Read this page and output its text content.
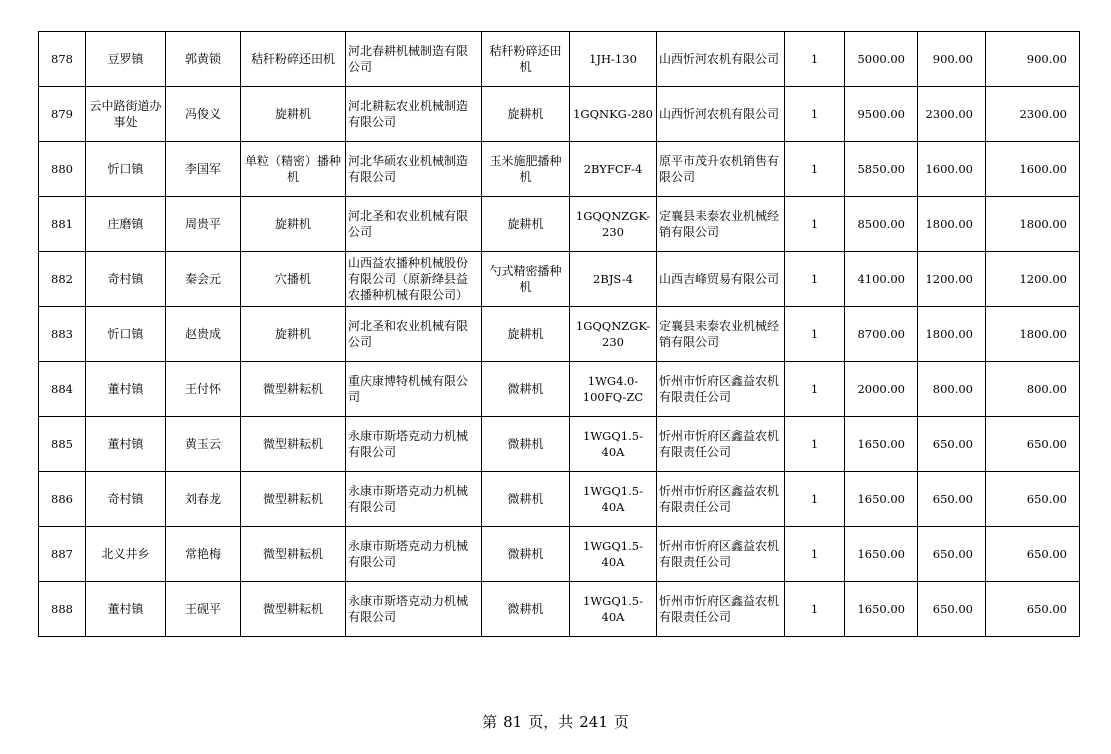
878	豆罗镇	郭黄锁	秸秆粉碎还田机	河北春耕机械制造有限公司	秸秆粉碎还田机	1JH-130	山西忻河农机有限公司	1	5000.00	900.00	900.00
879	云中路街道办事处	冯俊义	旋耕机	河北耕耘农业机械制造有限公司	旋耕机	1GQNKG-280	山西忻河农机有限公司	1	9500.00	2300.00	2300.00
880	忻口镇	李国军	单粒（精密）播种机	河北华硕农业机械制造有限公司	玉米施肥播种机	2BYFCF-4	原平市茂升农机销售有限公司	1	5850.00	1600.00	1600.00
881	庄磨镇	周贵平	旋耕机	河北圣和农业机械有限公司	旋耕机	1GQQNZGK-230	定襄县耒泰农业机械经销有限公司	1	8500.00	1800.00	1800.00
882	奇村镇	秦会元	穴播机	山西益农播种机械股份有限公司（原新绛县益农播种机械有限公司）	勺式精密播种机	2BJS-4	山西吉峰贸易有限公司	1	4100.00	1200.00	1200.00
883	忻口镇	赵贵成	旋耕机	河北圣和农业机械有限公司	旋耕机	1GQQNZGK-230	定襄县耒泰农业机械经销有限公司	1	8700.00	1800.00	1800.00
884	董村镇	王付怀	微型耕耘机	重庆康博特机械有限公司	微耕机	1WG4.0-100FQ-ZC	忻州市忻府区鑫益农机有限责任公司	1	2000.00	800.00	800.00
885	董村镇	黄玉云	微型耕耘机	永康市斯塔克动力机械有限公司	微耕机	1WGQ1.5-40A	忻州市忻府区鑫益农机有限责任公司	1	1650.00	650.00	650.00
886	奇村镇	刘春龙	微型耕耘机	永康市斯塔克动力机械有限公司	微耕机	1WGQ1.5-40A	忻州市忻府区鑫益农机有限责任公司	1	1650.00	650.00	650.00
887	北义井乡	常艳梅	微型耕耘机	永康市斯塔克动力机械有限公司	微耕机	1WGQ1.5-40A	忻州市忻府区鑫益农机有限责任公司	1	1650.00	650.00	650.00
888	董村镇	王砚平	微型耕耘机	永康市斯塔克动力机械有限公司	微耕机	1WGQ1.5-40A	忻州市忻府区鑫益农机有限责任公司	1	1650.00	650.00	650.00
第 81 页，共 241 页
